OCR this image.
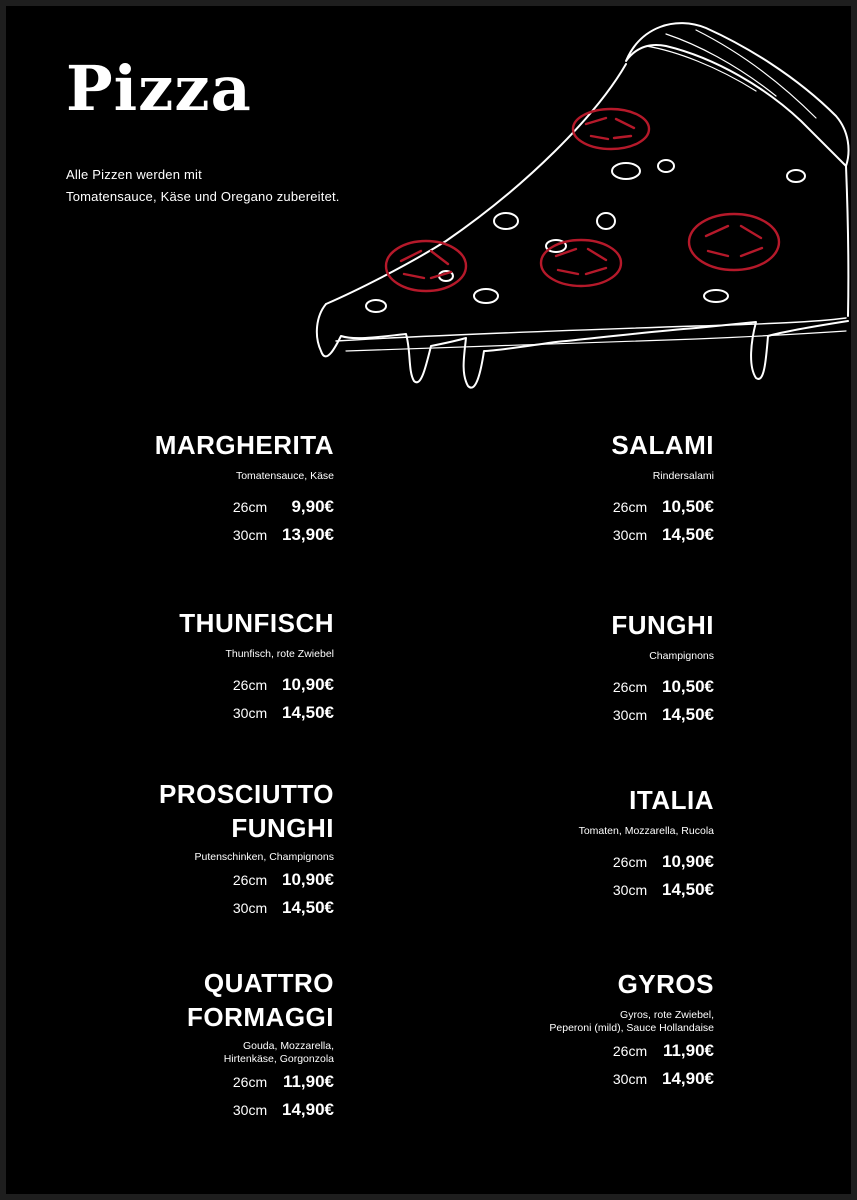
Pizza

Alle Pizzen werden mit
Tomatensauce, Käse und Oregano zubereitet.

MARGHERITA
Tomatensauce, Käse
26cm 9,90€
30cm 13,90€
SALAMI
Rindersalami
26cm 10,50€
30cm 14,50€
THUNFISCH
Thunfisch, rote Zwiebel
26cm 10,90€
30cm 14,50€
FUNGHI
Champignons
26cm 10,50€
30cm 14,50€
PROSCIUTTO
FUNGHI
Putenschinken, Champignons
26cm 10,90€
30cm 14,50€
ITALIA
Tomaten, Mozzarella, Rucola
26cm 10,90€
30cm 14,50€
QUATTRO
FORMAGGI
Gouda, Mozzarella,
Hirtenkäse, Gorgonzola
26cm 11,90€
30cm 14,90€
GYROS
Gyros, rote Zwiebel,
Peperoni (mild), Sauce Hollandaise
26cm 11,90€
30cm 14,90€
